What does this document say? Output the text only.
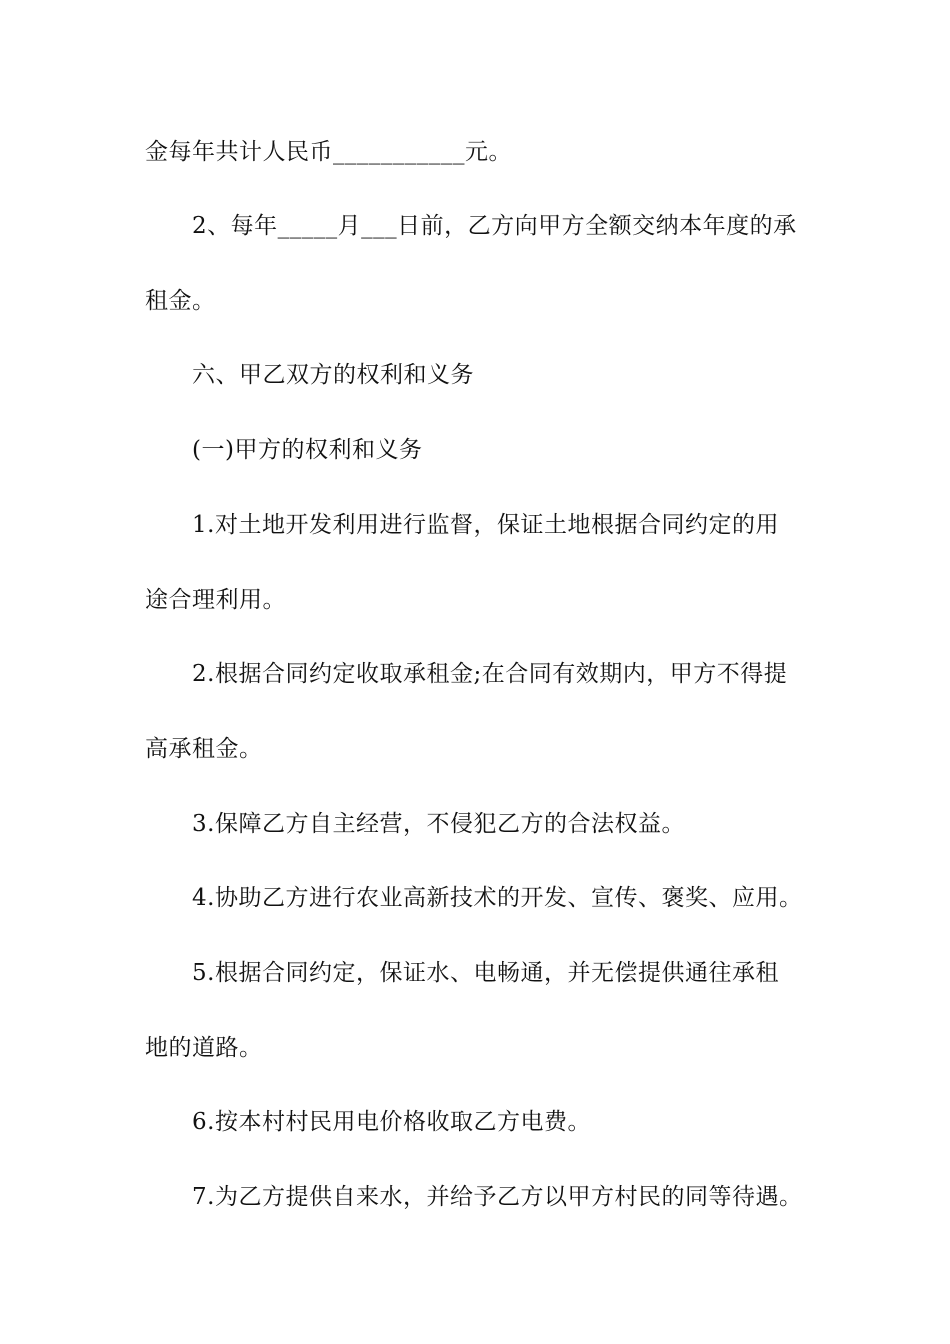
金每年共计人民币___________元。
2、每年_____月___日前，乙方向甲方全额交纳本年度的承
租金。
六、甲乙双方的权利和义务
(一)甲方的权利和义务
1.对土地开发利用进行监督，保证土地根据合同约定的用
途合理利用。
2.根据合同约定收取承租金;在合同有效期内，甲方不得提
高承租金。
3.保障乙方自主经营，不侵犯乙方的合法权益。
4.协助乙方进行农业高新技术的开发、宣传、褒奖、应用。
5.根据合同约定，保证水、电畅通，并无偿提供通往承租
地的道路。
6.按本村村民用电价格收取乙方电费。
7.为乙方提供自来水，并给予乙方以甲方村民的同等待遇。
